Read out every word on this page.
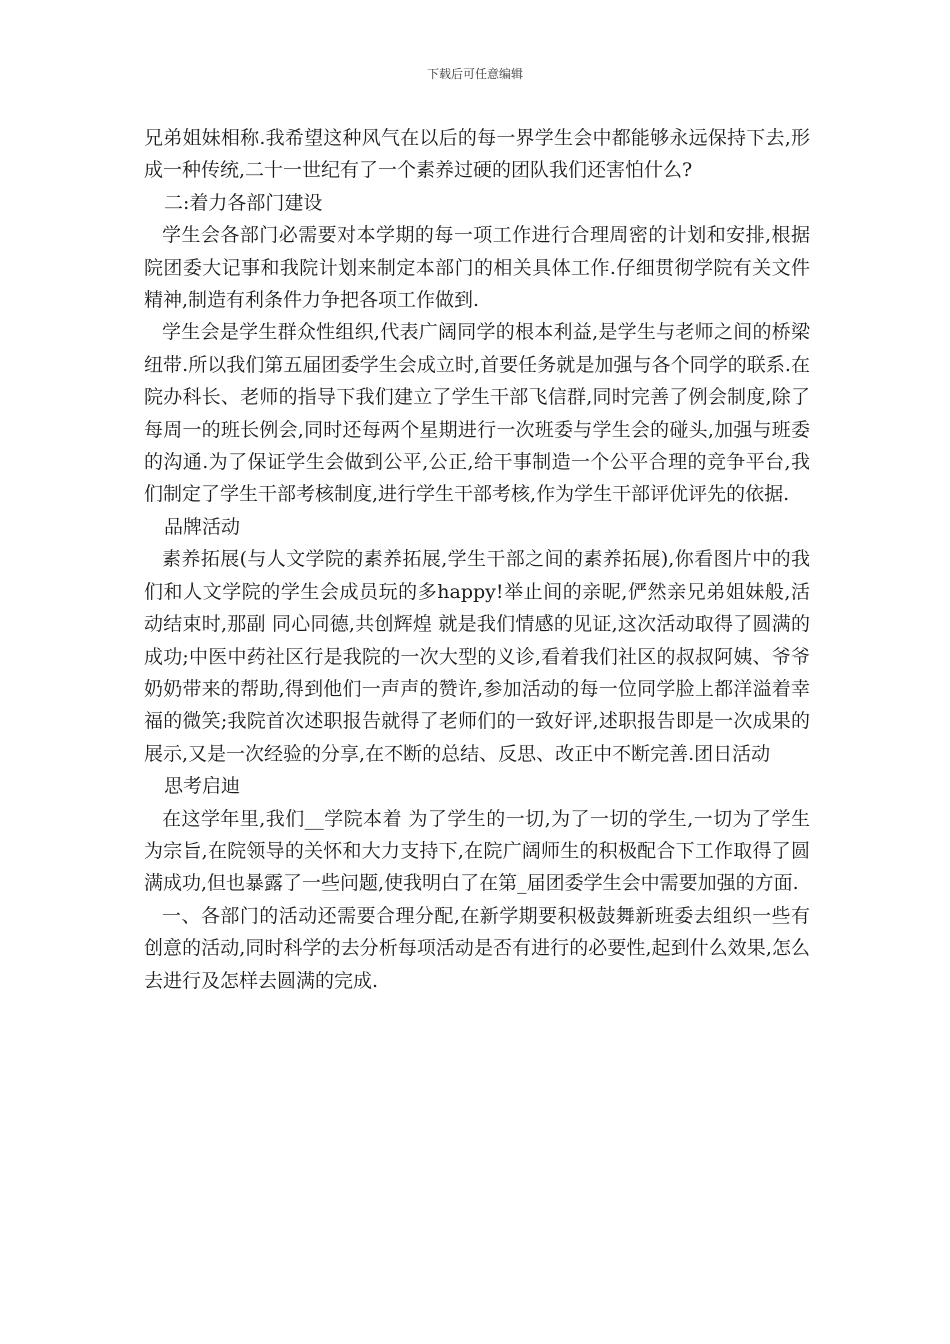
下载后可任意编辑

兄弟姐妹相称.我希望这种风气在以后的每一界学生会中都能够永远保持下去,形成一种传统,二十一世纪有了一个素养过硬的团队我们还害怕什么?

二:着力各部门建设

学生会各部门必需要对本学期的每一项工作进行合理周密的计划和安排,根据院团委大记事和我院计划来制定本部门的相关具体工作.仔细贯彻学院有关文件精神,制造有利条件力争把各项工作做到.

学生会是学生群众性组织,代表广阔同学的根本利益,是学生与老师之间的桥梁纽带.所以我们第五届团委学生会成立时,首要任务就是加强与各个同学的联系.在院办科长、老师的指导下我们建立了学生干部飞信群,同时完善了例会制度,除了每周一的班长例会,同时还每两个星期进行一次班委与学生会的碰头,加强与班委的沟通.为了保证学生会做到公平,公正,给干事制造一个公平合理的竞争平台,我们制定了学生干部考核制度,进行学生干部考核,作为学生干部评优评先的依据.

品牌活动

素养拓展(与人文学院的素养拓展,学生干部之间的素养拓展),你看图片中的我们和人文学院的学生会成员玩的多happy!举止间的亲昵,俨然亲兄弟姐妹般,活动结束时,那副 同心同德,共创辉煌 就是我们情感的见证,这次活动取得了圆满的成功;中医中药社区行是我院的一次大型的义诊,看着我们社区的叔叔阿姨、爷爷奶奶带来的帮助,得到他们一声声的赞许,参加活动的每一位同学脸上都洋溢着幸福的微笑;我院首次述职报告就得了老师们的一致好评,述职报告即是一次成果的展示,又是一次经验的分享,在不断的总结、反思、改正中不断完善.团日活动

思考启迪

在这学年里,我们__学院本着 为了学生的一切,为了一切的学生,一切为了学生 为宗旨,在院领导的关怀和大力支持下,在院广阔师生的积极配合下工作取得了圆满成功,但也暴露了一些问题,使我明白了在第_届团委学生会中需要加强的方面.

一、各部门的活动还需要合理分配,在新学期要积极鼓舞新班委去组织一些有创意的活动,同时科学的去分析每项活动是否有进行的必要性,起到什么效果,怎么去进行及怎样去圆满的完成.
